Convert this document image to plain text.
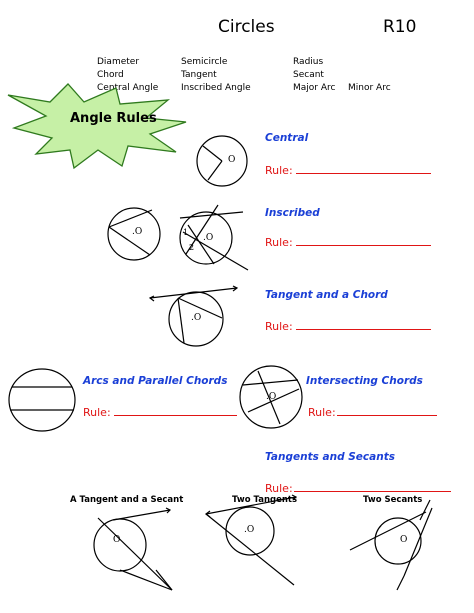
Circles	R10
Diameter	Semicircle	Radius
Chord	Tangent	Secant
Central Angle	Inscribed Angle	Major Arc Minor Arc
Angle Rules
O
.O	1
2
.O
.O
.O
O
.O
O
Central
Rule:
Inscribed
Rule:
Tangent and a Chord
Rule:
Arcs and Parallel Chords
Rule:
Intersecting Chords
Rule:
Tangents and Secants
Rule:
A Tangent and a Secant	Two Tangents	Two Secants
